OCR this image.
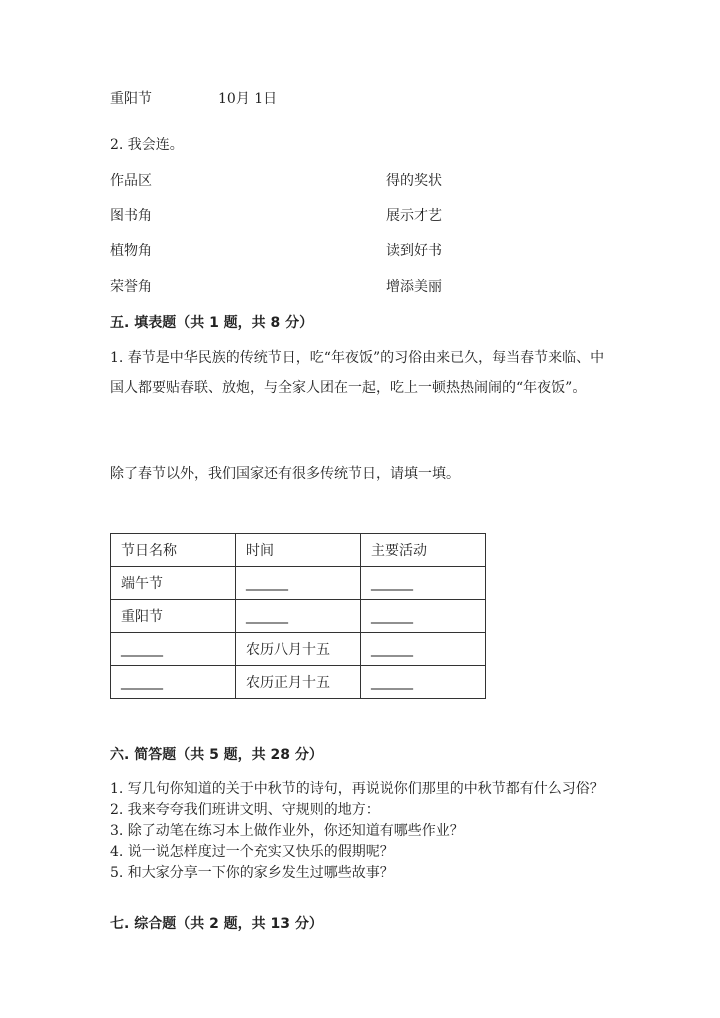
重阳节	10月 1日
2. 我会连。
作品区
图书角
植物角
荣誉角
得的奖状
展示才艺
读到好书
增添美丽
五. 填表题（共 1 题，共 8 分）
1. 春节是中华民族的传统节日，吃“年夜饭”的习俗由来已久，每当春节来临、中国人都要贴春联、放炮，与全家人团在一起，吃上一顿热热闹闹的“年夜饭”。
除了春节以外，我们国家还有很多传统节日，请填一填。
节日名称	时间	主要活动
端午节	______	______
重阳节	______	______
______	农历八月十五	______
______	农历正月十五	______
六. 简答题（共 5 题，共 28 分）
1. 写几句你知道的关于中秋节的诗句，再说说你们那里的中秋节都有什么习俗？
2. 我来夸夸我们班讲文明、守规则的地方：
3. 除了动笔在练习本上做作业外，你还知道有哪些作业？
4. 说一说怎样度过一个充实又快乐的假期呢？
5. 和大家分享一下你的家乡发生过哪些故事？
七. 综合题（共 2 题，共 13 分）
